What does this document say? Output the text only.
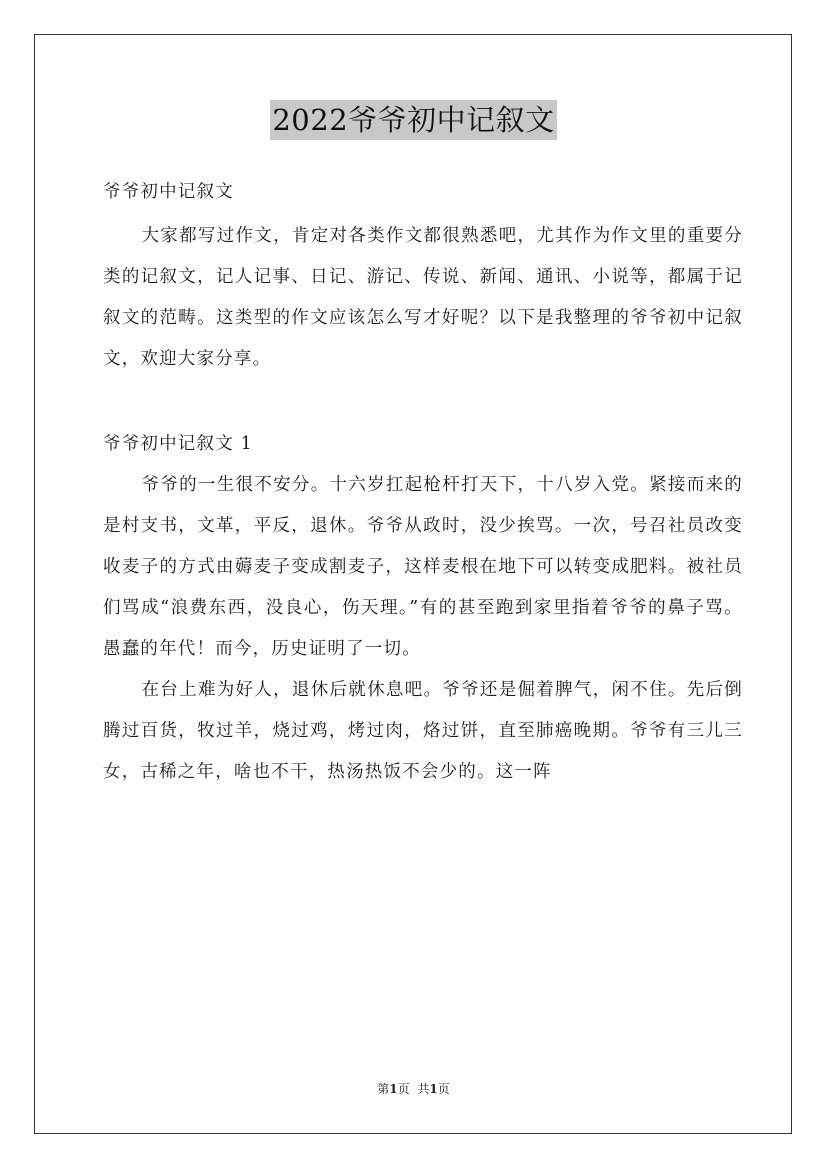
2022爷爷初中记叙文

爷爷初中记叙文

大家都写过作文，肯定对各类作文都很熟悉吧，尤其作为作文里的重要分类的记叙文，记人记事、日记、游记、传说、新闻、通讯、小说等，都属于记叙文的范畴。这类型的作文应该怎么写才好呢？以下是我整理的爷爷初中记叙文，欢迎大家分享。

爷爷初中记叙文 1

爷爷的一生很不安分。十六岁扛起枪杆打天下，十八岁入党。紧接而来的是村支书，文革，平反，退休。爷爷从政时，没少挨骂。一次，号召社员改变收麦子的方式由薅麦子变成割麦子，这样麦根在地下可以转变成肥料。被社员们骂成“浪费东西，没良心，伤天理。”有的甚至跑到家里指着爷爷的鼻子骂。愚蠢的年代！而今，历史证明了一切。

在台上难为好人，退休后就休息吧。爷爷还是倔着脾气，闲不住。先后倒腾过百货，牧过羊，烧过鸡，烤过肉，烙过饼，直至肺癌晚期。爷爷有三儿三女，古稀之年，啥也不干，热汤热饭不会少的。这一阵

第1页 共1页
